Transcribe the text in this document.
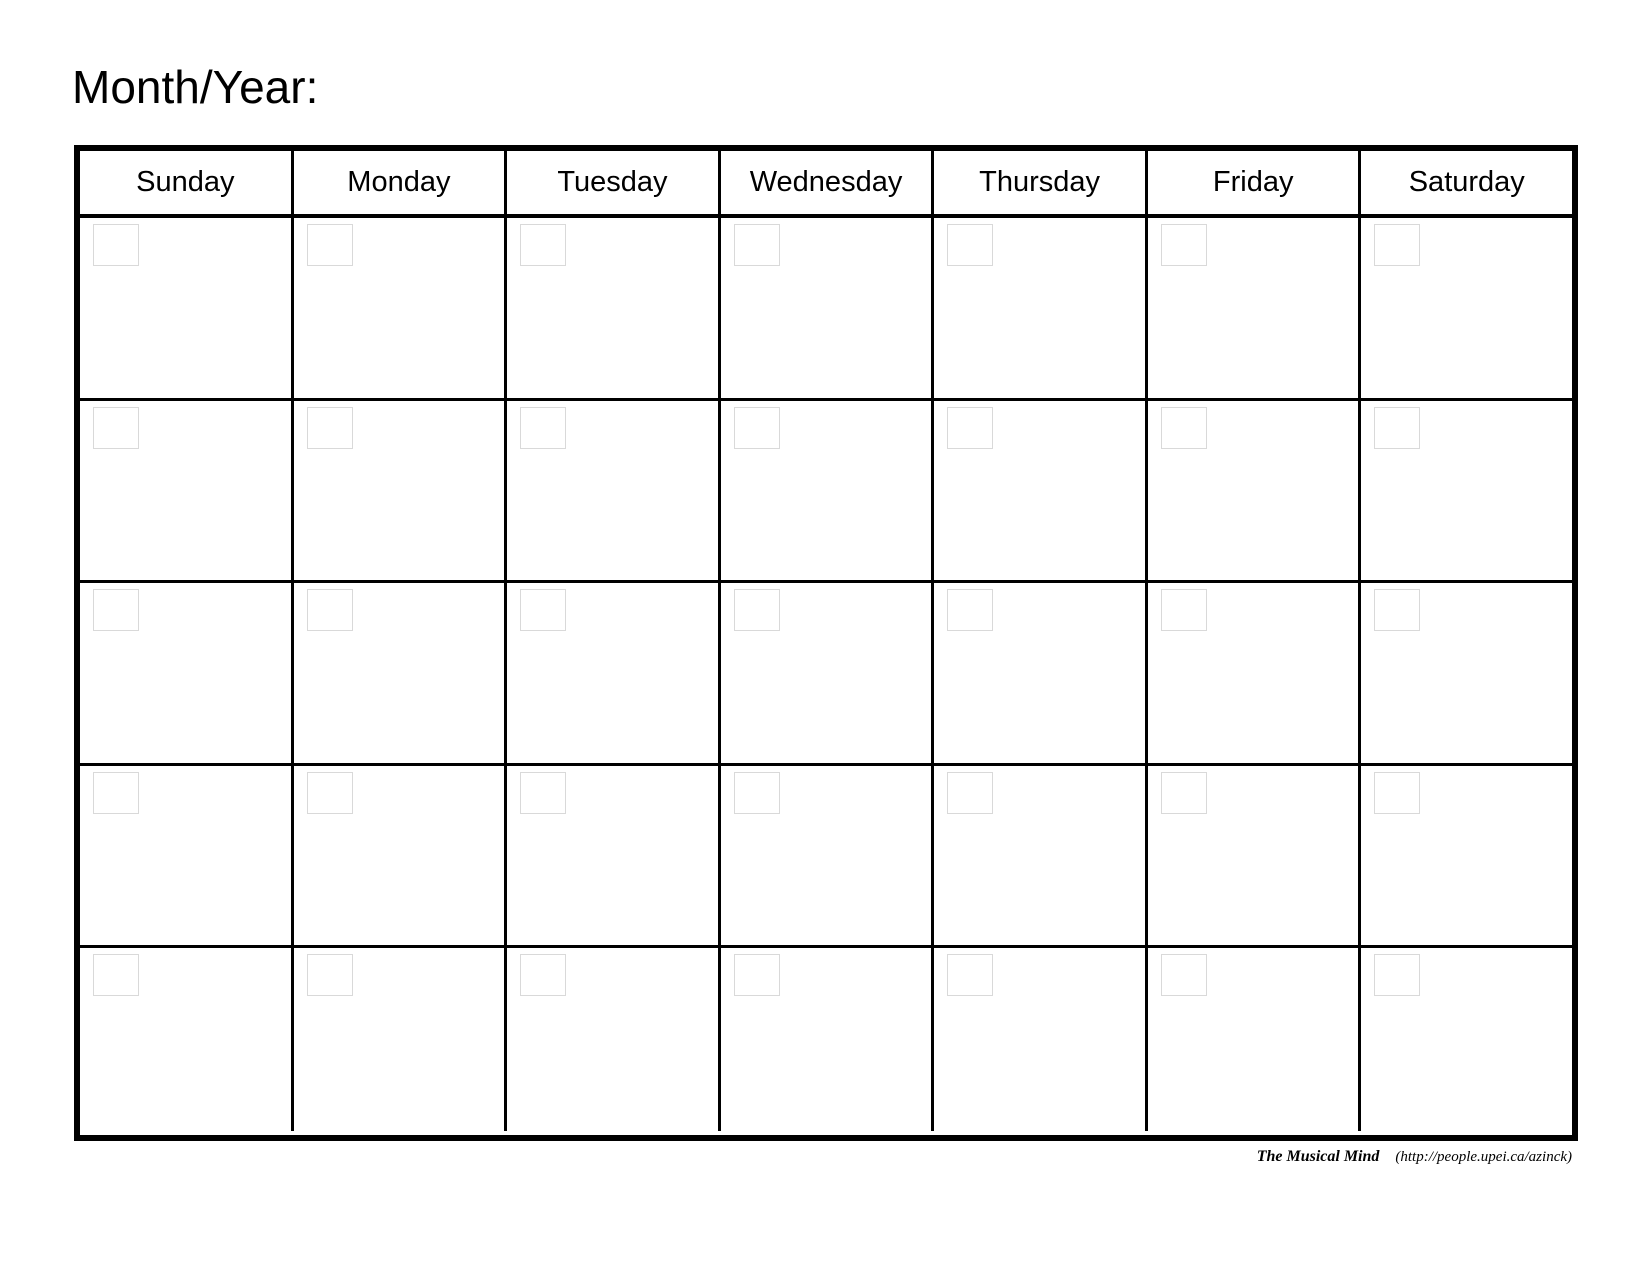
Month/Year:
Sunday	Monday	Tuesday	Wednesday	Thursday	Friday	Saturday
The Musical Mind (http://people.upei.ca/azinck)
